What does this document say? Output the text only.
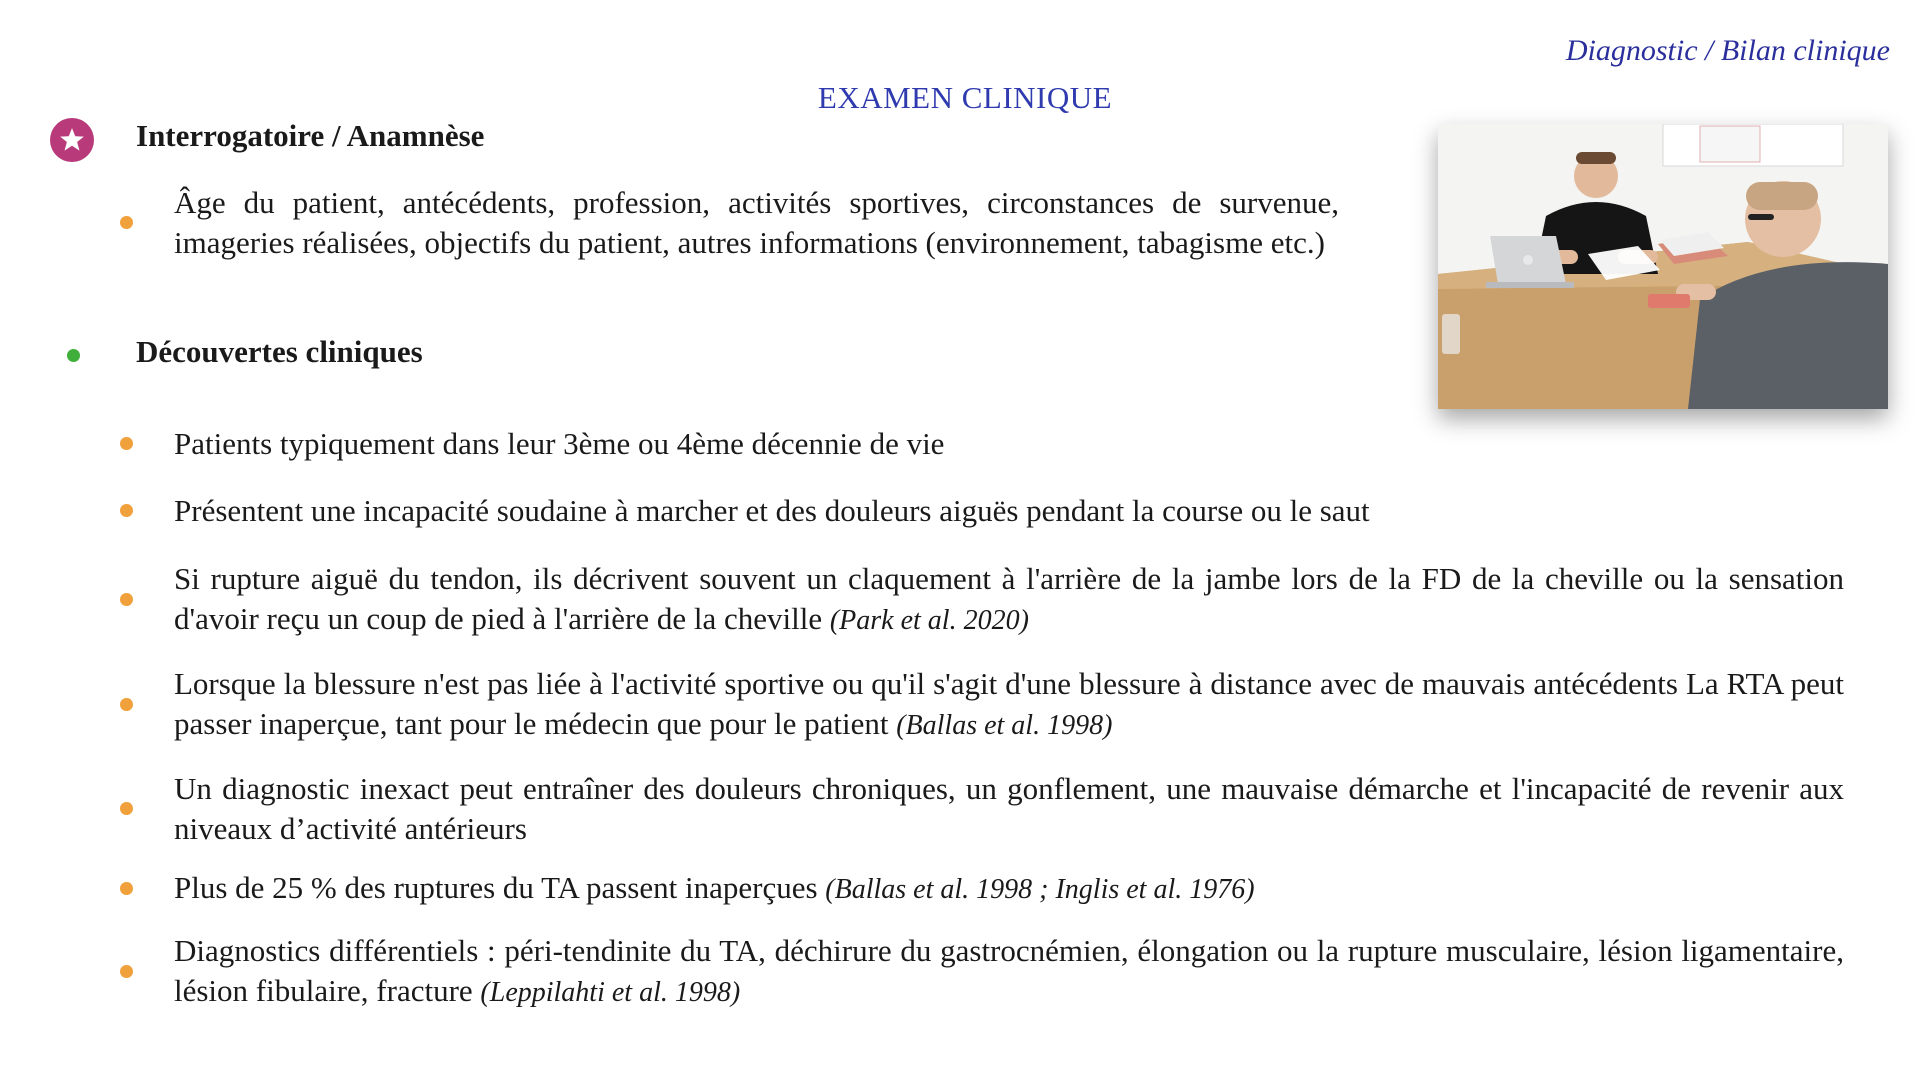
Diagnostic / Bilan clinique
EXAMEN CLINIQUE
Interrogatoire / Anamnèse
Âge du patient, antécédents, profession, activités sportives, circonstances de survenue, imageries réalisées, objectifs du patient, autres informations (environnement, tabagisme etc.)
Découvertes cliniques
Patients typiquement dans leur 3ème ou 4ème décennie de vie
Présentent une incapacité soudaine à marcher et des douleurs aiguës pendant la course ou le saut
Si rupture aiguë du tendon, ils décrivent souvent un claquement à l'arrière de la jambe lors de la FD de la cheville ou la sensation d'avoir reçu un coup de pied à l'arrière de la cheville (Park et al. 2020)
Lorsque la blessure n'est pas liée à l'activité sportive ou qu'il s'agit d'une blessure à distance avec de mauvais antécédents La RTA peut passer inaperçue, tant pour le médecin que pour le patient (Ballas et al. 1998)
Un diagnostic inexact peut entraîner des douleurs chroniques, un gonflement, une mauvaise démarche et l'incapacité de revenir aux niveaux d’activité antérieurs
Plus de 25 % des ruptures du TA passent inaperçues (Ballas et al. 1998 ; Inglis et al. 1976)
Diagnostics différentiels : péri-tendinite du TA, déchirure du gastrocnémien, élongation ou la rupture musculaire, lésion ligamentaire, lésion fibulaire, fracture (Leppilahti et al. 1998)
